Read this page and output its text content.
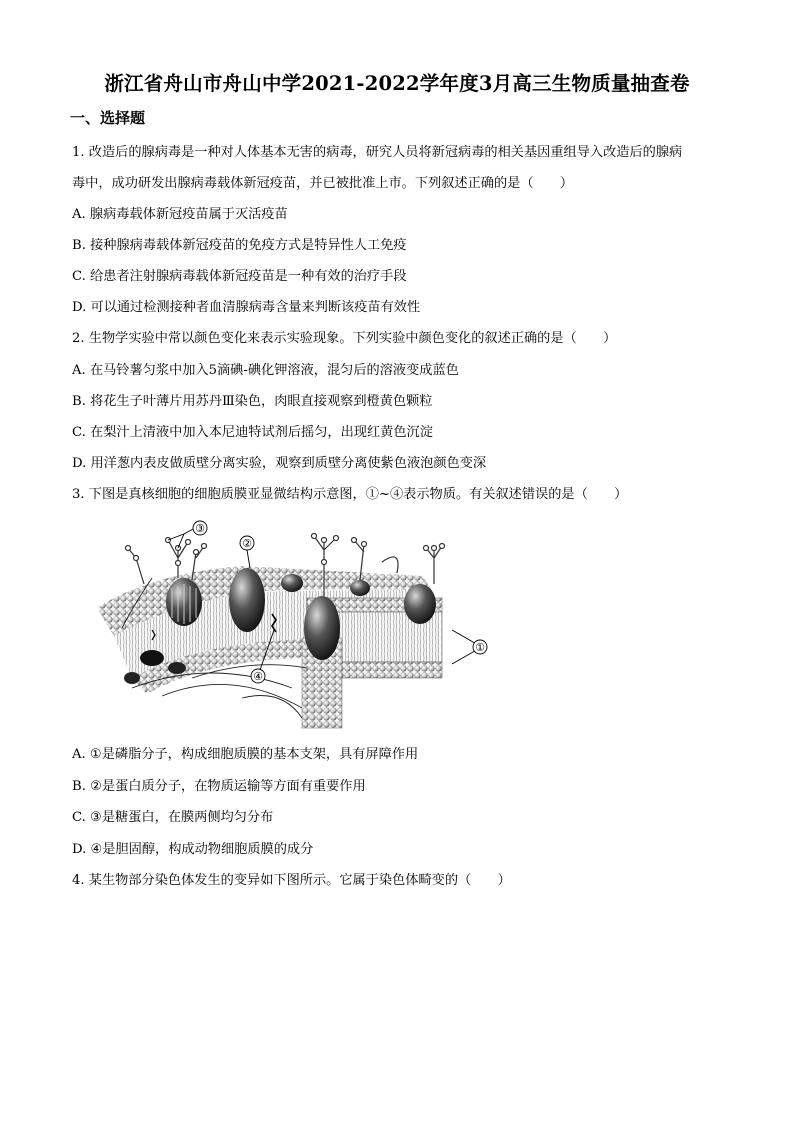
浙江省舟山市舟山中学2021-2022学年度3月高三生物质量抽查卷
一、选择题
1. 改造后的腺病毒是一种对人体基本无害的病毒，研究人员将新冠病毒的相关基因重组导入改造后的腺病
毒中，成功研发出腺病毒载体新冠疫苗，并已被批准上市。下列叙述正确的是（　　）
A. 腺病毒载体新冠疫苗属于灭活疫苗
B. 接种腺病毒载体新冠疫苗的免疫方式是特异性人工免疫
C. 给患者注射腺病毒载体新冠疫苗是一种有效的治疗手段
D. 可以通过检测接种者血清腺病毒含量来判断该疫苗有效性
2. 生物学实验中常以颜色变化来表示实验现象。下列实验中颜色变化的叙述正确的是（　　）
A. 在马铃薯匀浆中加入5滴碘-碘化钾溶液，混匀后的溶液变成蓝色
B. 将花生子叶薄片用苏丹Ⅲ染色，肉眼直接观察到橙黄色颗粒
C. 在梨汁上清液中加入本尼迪特试剂后摇匀，出现红黄色沉淀
D. 用洋葱内表皮做质壁分离实验，观察到质壁分离使紫色液泡颜色变深
3. 下图是真核细胞的细胞质膜亚显微结构示意图，①~④表示物质。有关叙述错误的是（　　）
③
②
①
④
A. ①是磷脂分子，构成细胞质膜的基本支架，具有屏障作用
B. ②是蛋白质分子，在物质运输等方面有重要作用
C. ③是糖蛋白，在膜两侧均匀分布
D. ④是胆固醇，构成动物细胞质膜的成分
4. 某生物部分染色体发生的变异如下图所示。它属于染色体畸变的（　　）
